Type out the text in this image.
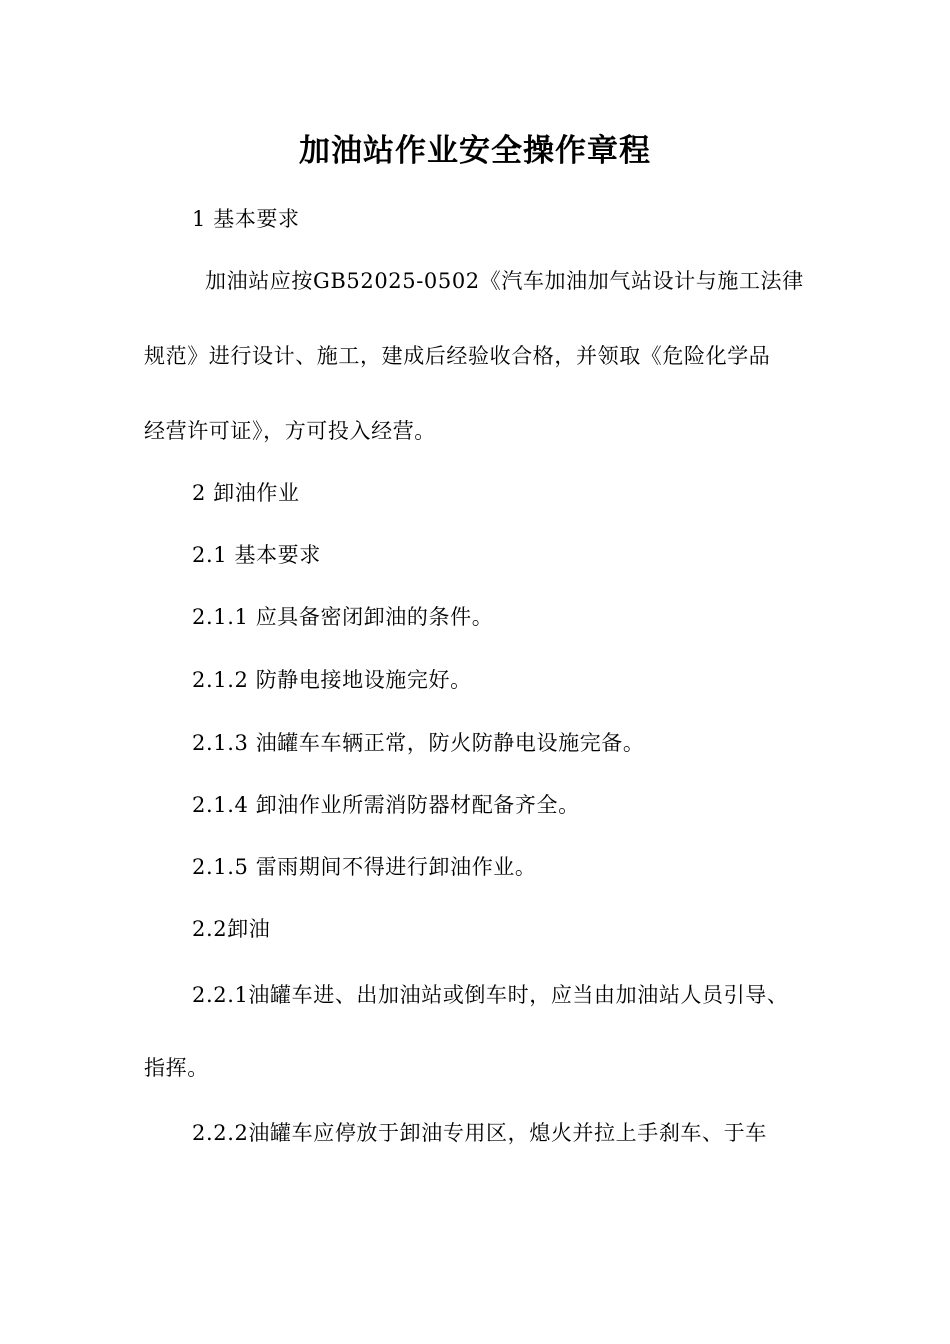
加油站作业安全操作章程
1 基本要求
加油站应按GB52025-0502《汽车加油加气站设计与施工法律
规范》进行设计、施工，建成后经验收合格，并领取《危险化学品
经营许可证》，方可投入经营。
2 卸油作业
2.1 基本要求
2.1.1 应具备密闭卸油的条件。
2.1.2 防静电接地设施完好。
2.1.3 油罐车车辆正常，防火防静电设施完备。
2.1.4 卸油作业所需消防器材配备齐全。
2.1.5 雷雨期间不得进行卸油作业。
2.2卸油
2.2.1油罐车进、出加油站或倒车时，应当由加油站人员引导、
指挥。
2.2.2油罐车应停放于卸油专用区，熄火并拉上手刹车、于车
